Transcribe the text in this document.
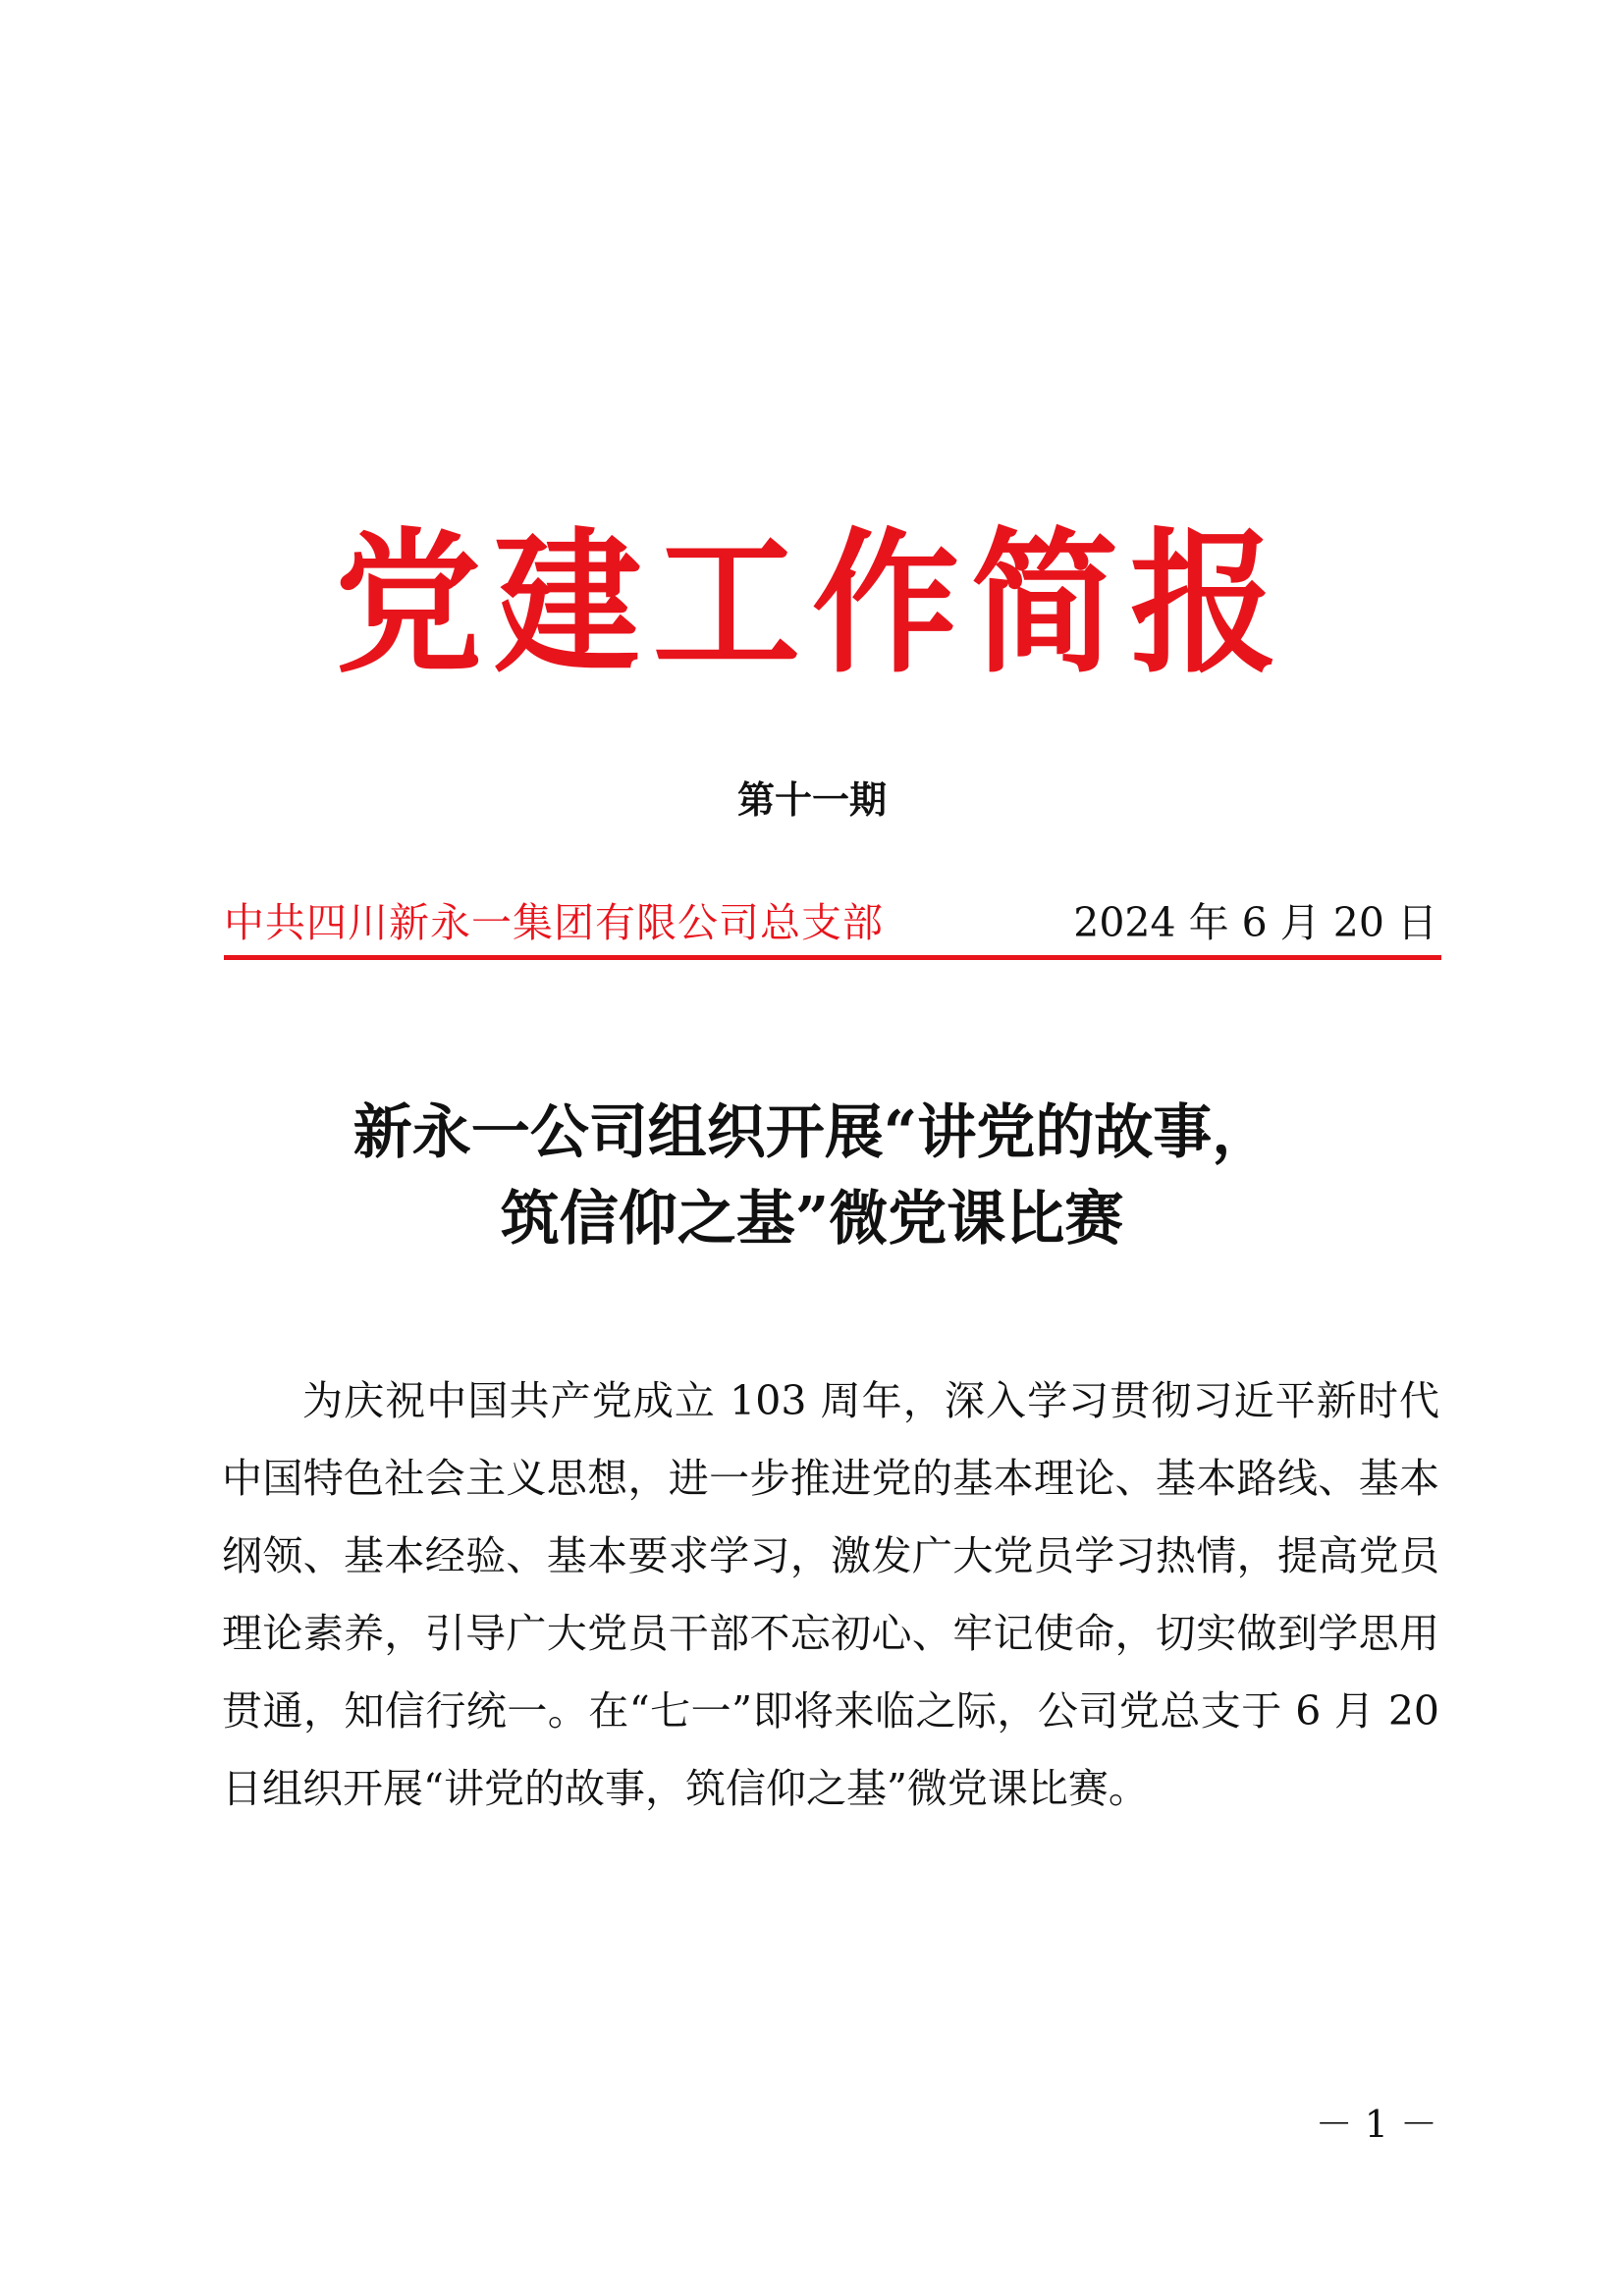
党建工作简报
第十一期
中共四川新永一集团有限公司总支部	2024 年 6 月 20 日
新永一公司组织开展“讲党的故事，
筑信仰之基”微党课比赛

为庆祝中国共产党成立 103 周年，深入学习贯彻习近平新时代中国特色社会主义思想，进一步推进党的基本理论、基本路线、基本纲领、基本经验、基本要求学习，激发广大党员学习热情，提高党员理论素养，引导广大党员干部不忘初心、牢记使命，切实做到学思用贯通，知信行统一。在“七一”即将来临之际，公司党总支于 6 月 20 日组织开展“讲党的故事，筑信仰之基”微党课比赛。

－ 1 －
